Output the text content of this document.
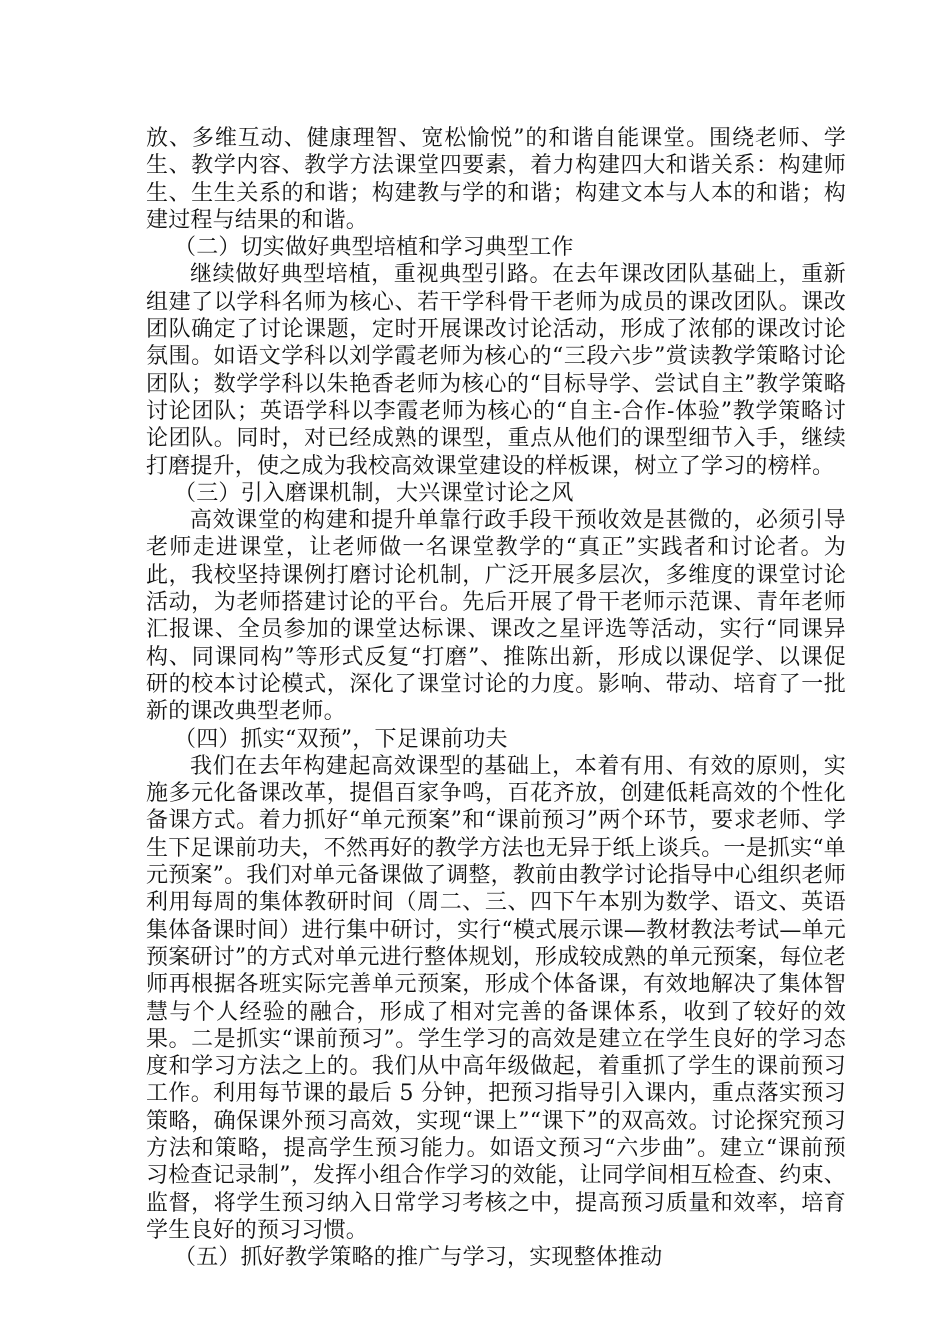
放、多维互动、健康理智、宽松愉悦”的和谐自能课堂。围绕老师、学生、教学内容、教学方法课堂四要素，着力构建四大和谐关系：构建师生、生生关系的和谐；构建教与学的和谐；构建文本与人本的和谐；构建过程与结果的和谐。

（二）切实做好典型培植和学习典型工作

继续做好典型培植，重视典型引路。在去年课改团队基础上，重新组建了以学科名师为核心、若干学科骨干老师为成员的课改团队。课改团队确定了讨论课题，定时开展课改讨论活动，形成了浓郁的课改讨论氛围。如语文学科以刘学霞老师为核心的“三段六步”赏读教学策略讨论团队；数学学科以朱艳香老师为核心的“目标导学、尝试自主”教学策略讨论团队；英语学科以李霞老师为核心的“自主-合作-体验”教学策略讨论团队。同时，对已经成熟的课型，重点从他们的课型细节入手，继续打磨提升，使之成为我校高效课堂建设的样板课，树立了学习的榜样。

（三）引入磨课机制，大兴课堂讨论之风

高效课堂的构建和提升单靠行政手段干预收效是甚微的，必须引导老师走进课堂，让老师做一名课堂教学的“真正”实践者和讨论者。为此，我校坚持课例打磨讨论机制，广泛开展多层次，多维度的课堂讨论活动，为老师搭建讨论的平台。先后开展了骨干老师示范课、青年老师汇报课、全员参加的课堂达标课、课改之星评选等活动，实行“同课异构、同课同构”等形式反复“打磨”、推陈出新，形成以课促学、以课促研的校本讨论模式，深化了课堂讨论的力度。影响、带动、培育了一批新的课改典型老师。

（四）抓实“双预”，下足课前功夫

我们在去年构建起高效课型的基础上，本着有用、有效的原则，实施多元化备课改革，提倡百家争鸣，百花齐放，创建低耗高效的个性化备课方式。着力抓好“单元预案”和“课前预习”两个环节，要求老师、学生下足课前功夫，不然再好的教学方法也无异于纸上谈兵。一是抓实“单元预案”。我们对单元备课做了调整，教前由教学讨论指导中心组织老师利用每周的集体教研时间（周二、三、四下午本别为数学、语文、英语集体备课时间）进行集中研讨，实行“模式展示课—教材教法考试—单元预案研讨”的方式对单元进行整体规划，形成较成熟的单元预案，每位老师再根据各班实际完善单元预案，形成个体备课，有效地解决了集体智慧与个人经验的融合，形成了相对完善的备课体系，收到了较好的效果。二是抓实“课前预习”。学生学习的高效是建立在学生良好的学习态度和学习方法之上的。我们从中高年级做起，着重抓了学生的课前预习工作。利用每节课的最后 5 分钟，把预习指导引入课内，重点落实预习策略，确保课外预习高效，实现“课上”“课下”的双高效。讨论探究预习方法和策略，提高学生预习能力。如语文预习“六步曲”。建立“课前预习检查记录制”，发挥小组合作学习的效能，让同学间相互检查、约束、监督，将学生预习纳入日常学习考核之中，提高预习质量和效率，培育学生良好的预习习惯。

（五）抓好教学策略的推广与学习，实现整体推动
